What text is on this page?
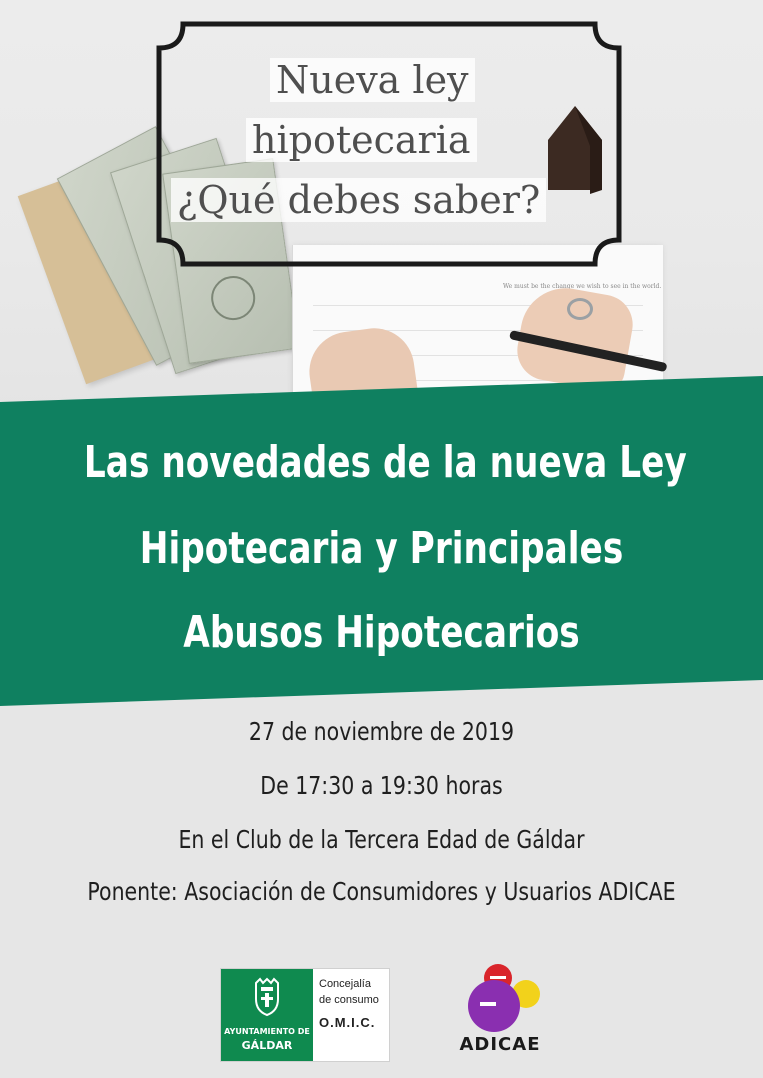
We must be the change we wish to see in the world.
Nueva ley
hipotecaria
¿Qué debes saber?
Las novedades de la nueva Ley
Hipotecaria y Principales
Abusos Hipotecarios
27 de noviembre de 2019
De 17:30 a 19:30 horas
En el Club de la Tercera Edad de Gáldar
Ponente: Asociación de Consumidores y Usuarios ADICAE
AYUNTAMIENTO DE
GÁLDAR
Concejalía
de consumo
O.M.I.C.
ADICAE
